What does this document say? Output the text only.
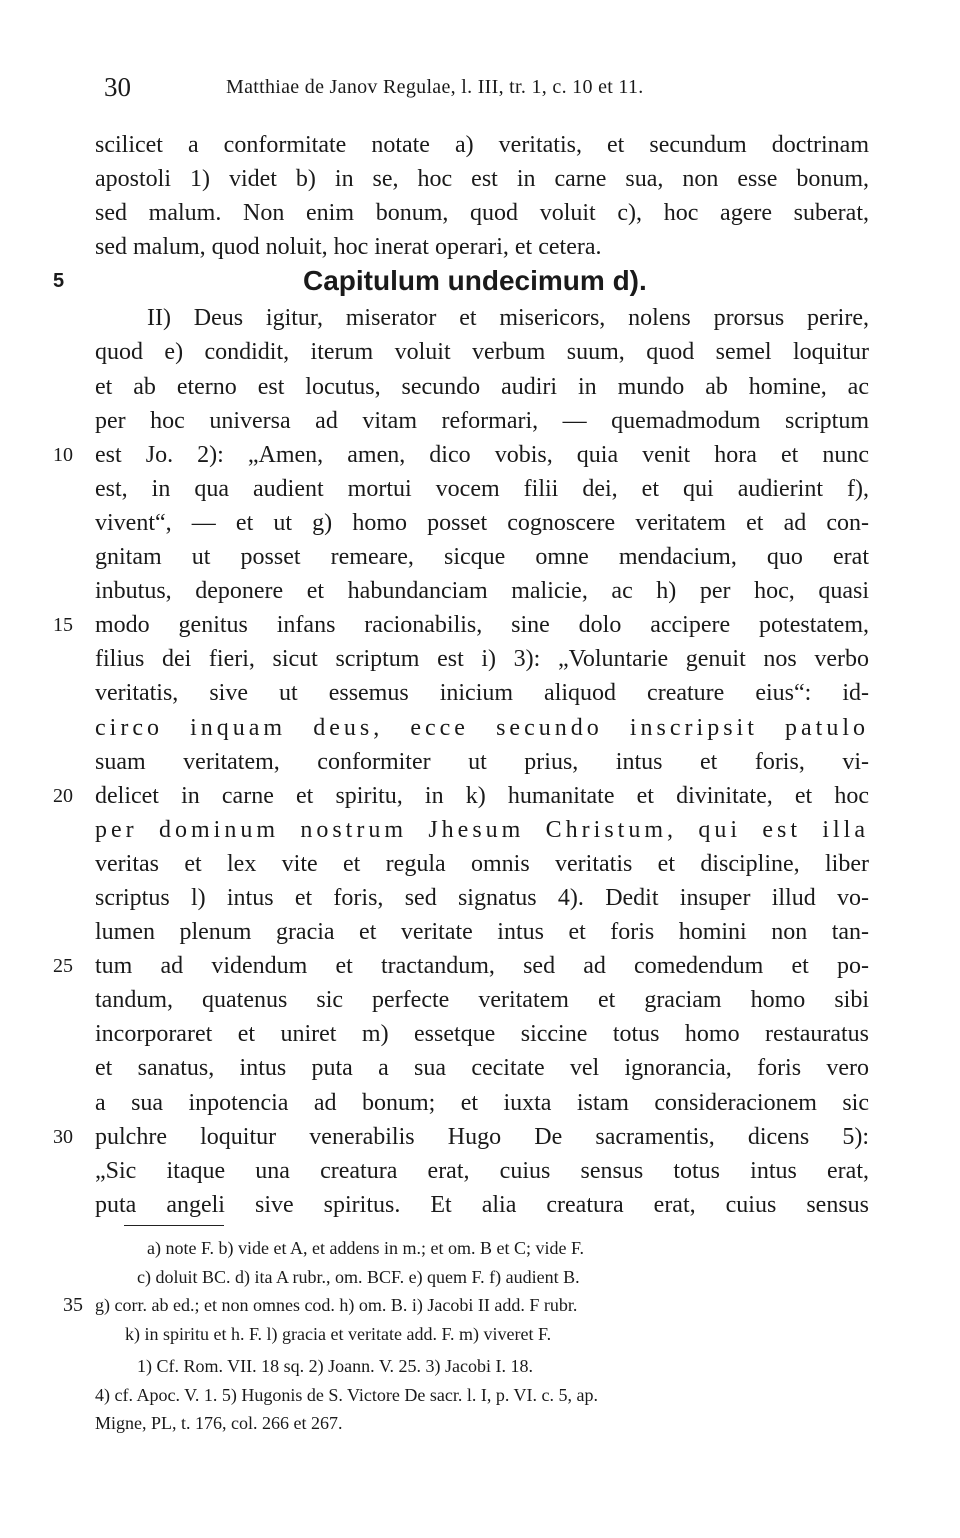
30	Matthiae de Janov Regulae, l. III, tr. 1, c. 10 et 11.
scilicet a conformitate notate a) veritatis, et secundum doctrinam
apostoli 1) videt b) in se, hoc est in carne sua, non esse bonum,
sed malum. Non enim bonum, quod voluit c), hoc agere suberat,
sed malum, quod noluit, hoc inerat operari, et cetera.
5	Capitulum undecimum d).
II) Deus igitur, miserator et misericors, nolens prorsus perire,
quod e) condidit, iterum voluit verbum suum, quod semel loquitur
et ab eterno est locutus, secundo audiri in mundo ab homine, ac
per hoc universa ad vitam reformari, — quemadmodum scriptum
10 est Jo. 2): „Amen, amen, dico vobis, quia venit hora et nunc
est, in qua audient mortui vocem filii dei, et qui audierint f),
vivent“, — et ut g) homo posset cognoscere veritatem et ad con-
gnitam ut posset remeare, sicque omne mendacium, quo erat
inbutus, deponere et habundanciam malicie, ac h) per hoc, quasi
15 modo genitus infans racionabilis, sine dolo accipere potestatem,
filius dei fieri, sicut scriptum est i) 3): „Voluntarie genuit nos verbo
veritatis, sive ut essemus inicium aliquod creature eius“: id-
circo inquam deus, ecce secundo inscripsit patulo
suam veritatem, conformiter ut prius, intus et foris, vi-
20 delicet in carne et spiritu, in k) humanitate et divinitate, et hoc
per dominum nostrum Jhesum Christum, qui est illa
veritas et lex vite et regula omnis veritatis et discipline, liber
scriptus l) intus et foris, sed signatus 4). Dedit insuper illud vo-
lumen plenum gracia et veritate intus et foris homini non tan-
25 tum ad videndum et tractandum, sed ad comedendum et po-
tandum, quatenus sic perfecte veritatem et graciam homo sibi
incorporaret et uniret m) essetque siccine totus homo restauratus
et sanatus, intus puta a sua cecitate vel ignorancia, foris vero
a sua inpotencia ad bonum; et iuxta istam consideracionem sic
30 pulchre loquitur venerabilis Hugo De sacramentis, dicens 5):
„Sic itaque una creatura erat, cuius sensus totus intus erat,
puta angeli sive spiritus. Et alia creatura erat, cuius sensus
a) note F. b) vide et A, et addens in m.; et om. B et C; vide F.
c) doluit BC. d) ita A rubr., om. BCF. e) quem F. f) audient B.
35 g) corr. ab ed.; et non omnes cod. h) om. B. i) Jacobi II add. F rubr.
k) in spiritu et h. F. l) gracia et veritate add. F. m) viveret F.
1) Cf. Rom. VII. 18 sq. 2) Joann. V. 25. 3) Jacobi I. 18.
4) cf. Apoc. V. 1. 5) Hugonis de S. Victore De sacr. l. I, p. VI. c. 5, ap.
Migne, PL, t. 176, col. 266 et 267.
